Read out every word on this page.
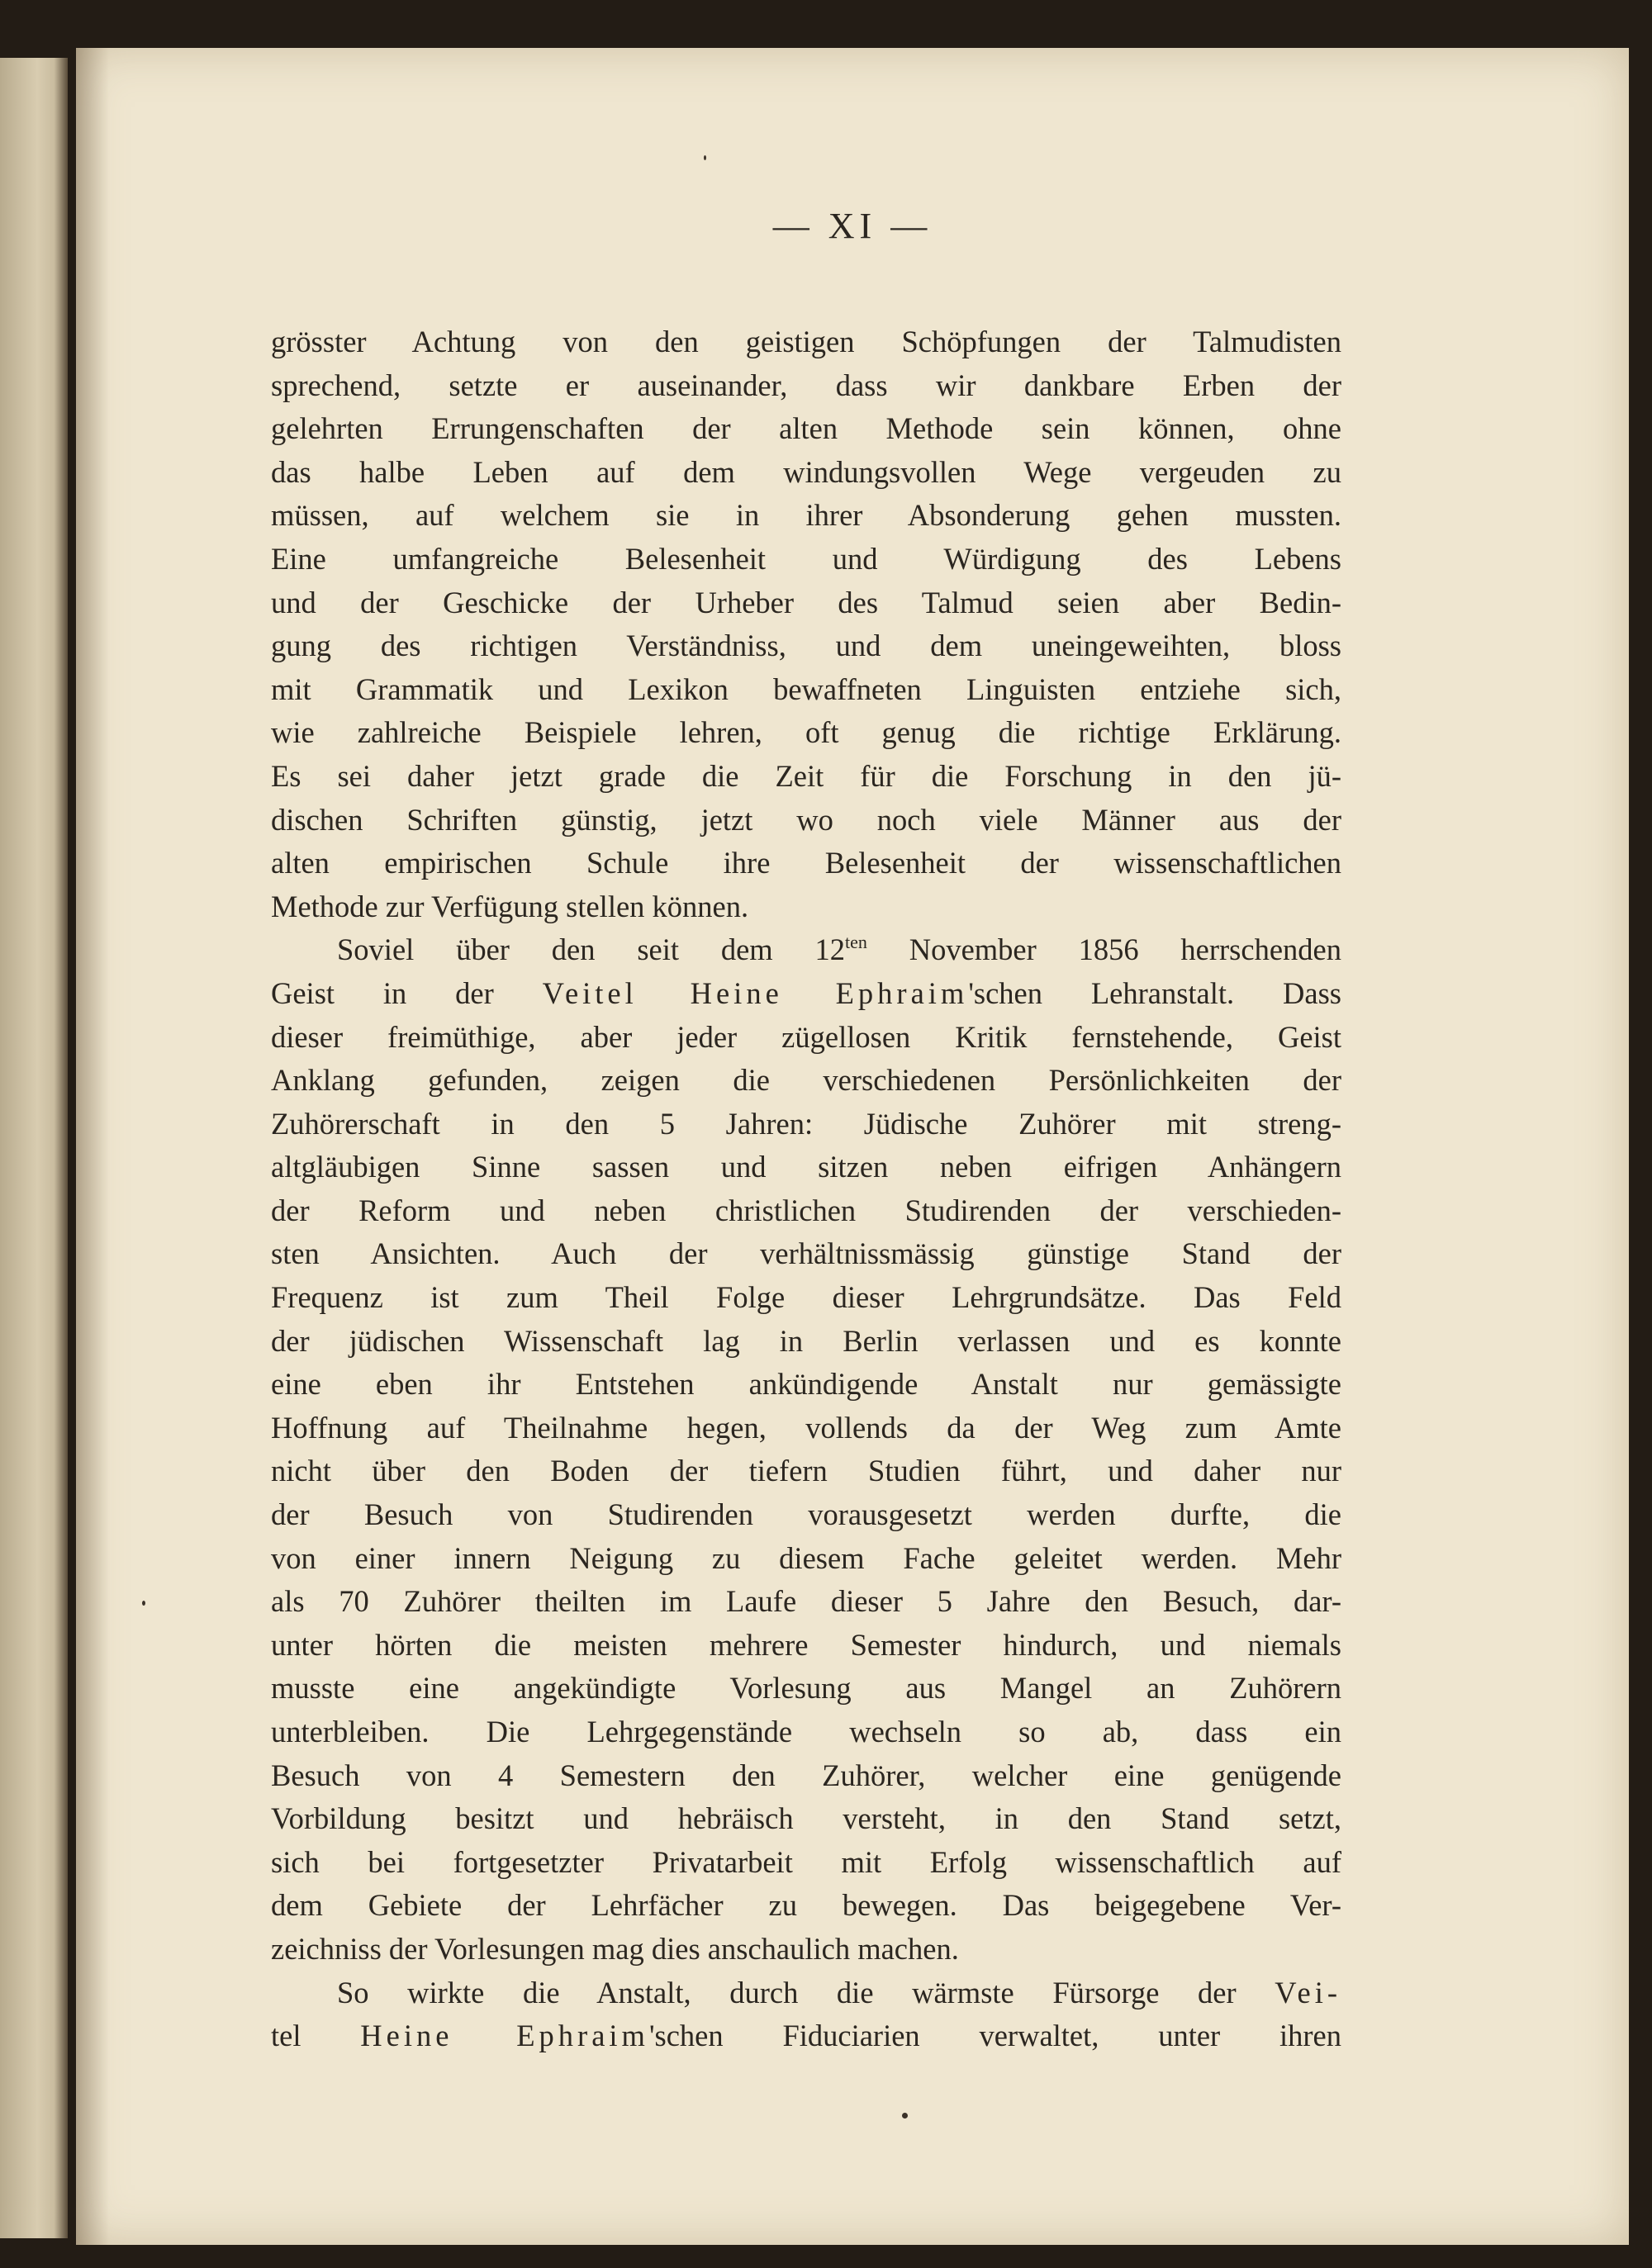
— XI —
grösster Achtung von den geistigen Schöpfungen der Talmudisten
sprechend, setzte er auseinander, dass wir dankbare Erben der
gelehrten Errungenschaften der alten Methode sein können, ohne
das halbe Leben auf dem windungsvollen Wege vergeuden zu
müssen, auf welchem sie in ihrer Absonderung gehen mussten.
Eine umfangreiche Belesenheit und Würdigung des Lebens
und der Geschicke der Urheber des Talmud seien aber Bedin-
gung des richtigen Verständniss, und dem uneingeweihten, bloss
mit Grammatik und Lexikon bewaffneten Linguisten entziehe sich,
wie zahlreiche Beispiele lehren, oft genug die richtige Erklärung.
Es sei daher jetzt grade die Zeit für die Forschung in den jü-
dischen Schriften günstig, jetzt wo noch viele Männer aus der
alten empirischen Schule ihre Belesenheit der wissenschaftlichen
Methode zur Verfügung stellen können.
Soviel über den seit dem $12^{ten}$ November 1856 herrschenden
Geist in der Veitel Heine Ephraim'schen Lehranstalt. Dass
dieser freimüthige, aber jeder zügellosen Kritik fernstehende, Geist
Anklang gefunden, zeigen die verschiedenen Persönlichkeiten der
Zuhörerschaft in den 5 Jahren: Jüdische Zuhörer mit streng-
altgläubigen Sinne sassen und sitzen neben eifrigen Anhängern
der Reform und neben christlichen Studirenden der verschieden-
sten Ansichten. Auch der verhältnissmässig günstige Stand der
Frequenz ist zum Theil Folge dieser Lehrgrundsätze. Das Feld
der jüdischen Wissenschaft lag in Berlin verlassen und es konnte
eine eben ihr Entstehen ankündigende Anstalt nur gemässigte
Hoffnung auf Theilnahme hegen, vollends da der Weg zum Amte
nicht über den Boden der tiefern Studien führt, und daher nur
der Besuch von Studirenden vorausgesetzt werden durfte, die
von einer innern Neigung zu diesem Fache geleitet werden. Mehr
als 70 Zuhörer theilten im Laufe dieser 5 Jahre den Besuch, dar-
unter hörten die meisten mehrere Semester hindurch, und niemals
musste eine angekündigte Vorlesung aus Mangel an Zuhörern
unterbleiben. Die Lehrgegenstände wechseln so ab, dass ein
Besuch von 4 Semestern den Zuhörer, welcher eine genügende
Vorbildung besitzt und hebräisch versteht, in den Stand setzt,
sich bei fortgesetzter Privatarbeit mit Erfolg wissenschaftlich auf
dem Gebiete der Lehrfächer zu bewegen. Das beigegebene Ver-
zeichniss der Vorlesungen mag dies anschaulich machen.
So wirkte die Anstalt, durch die wärmste Fürsorge der Vei-
tel Heine Ephraim'schen Fiduciarien verwaltet, unter ihren
